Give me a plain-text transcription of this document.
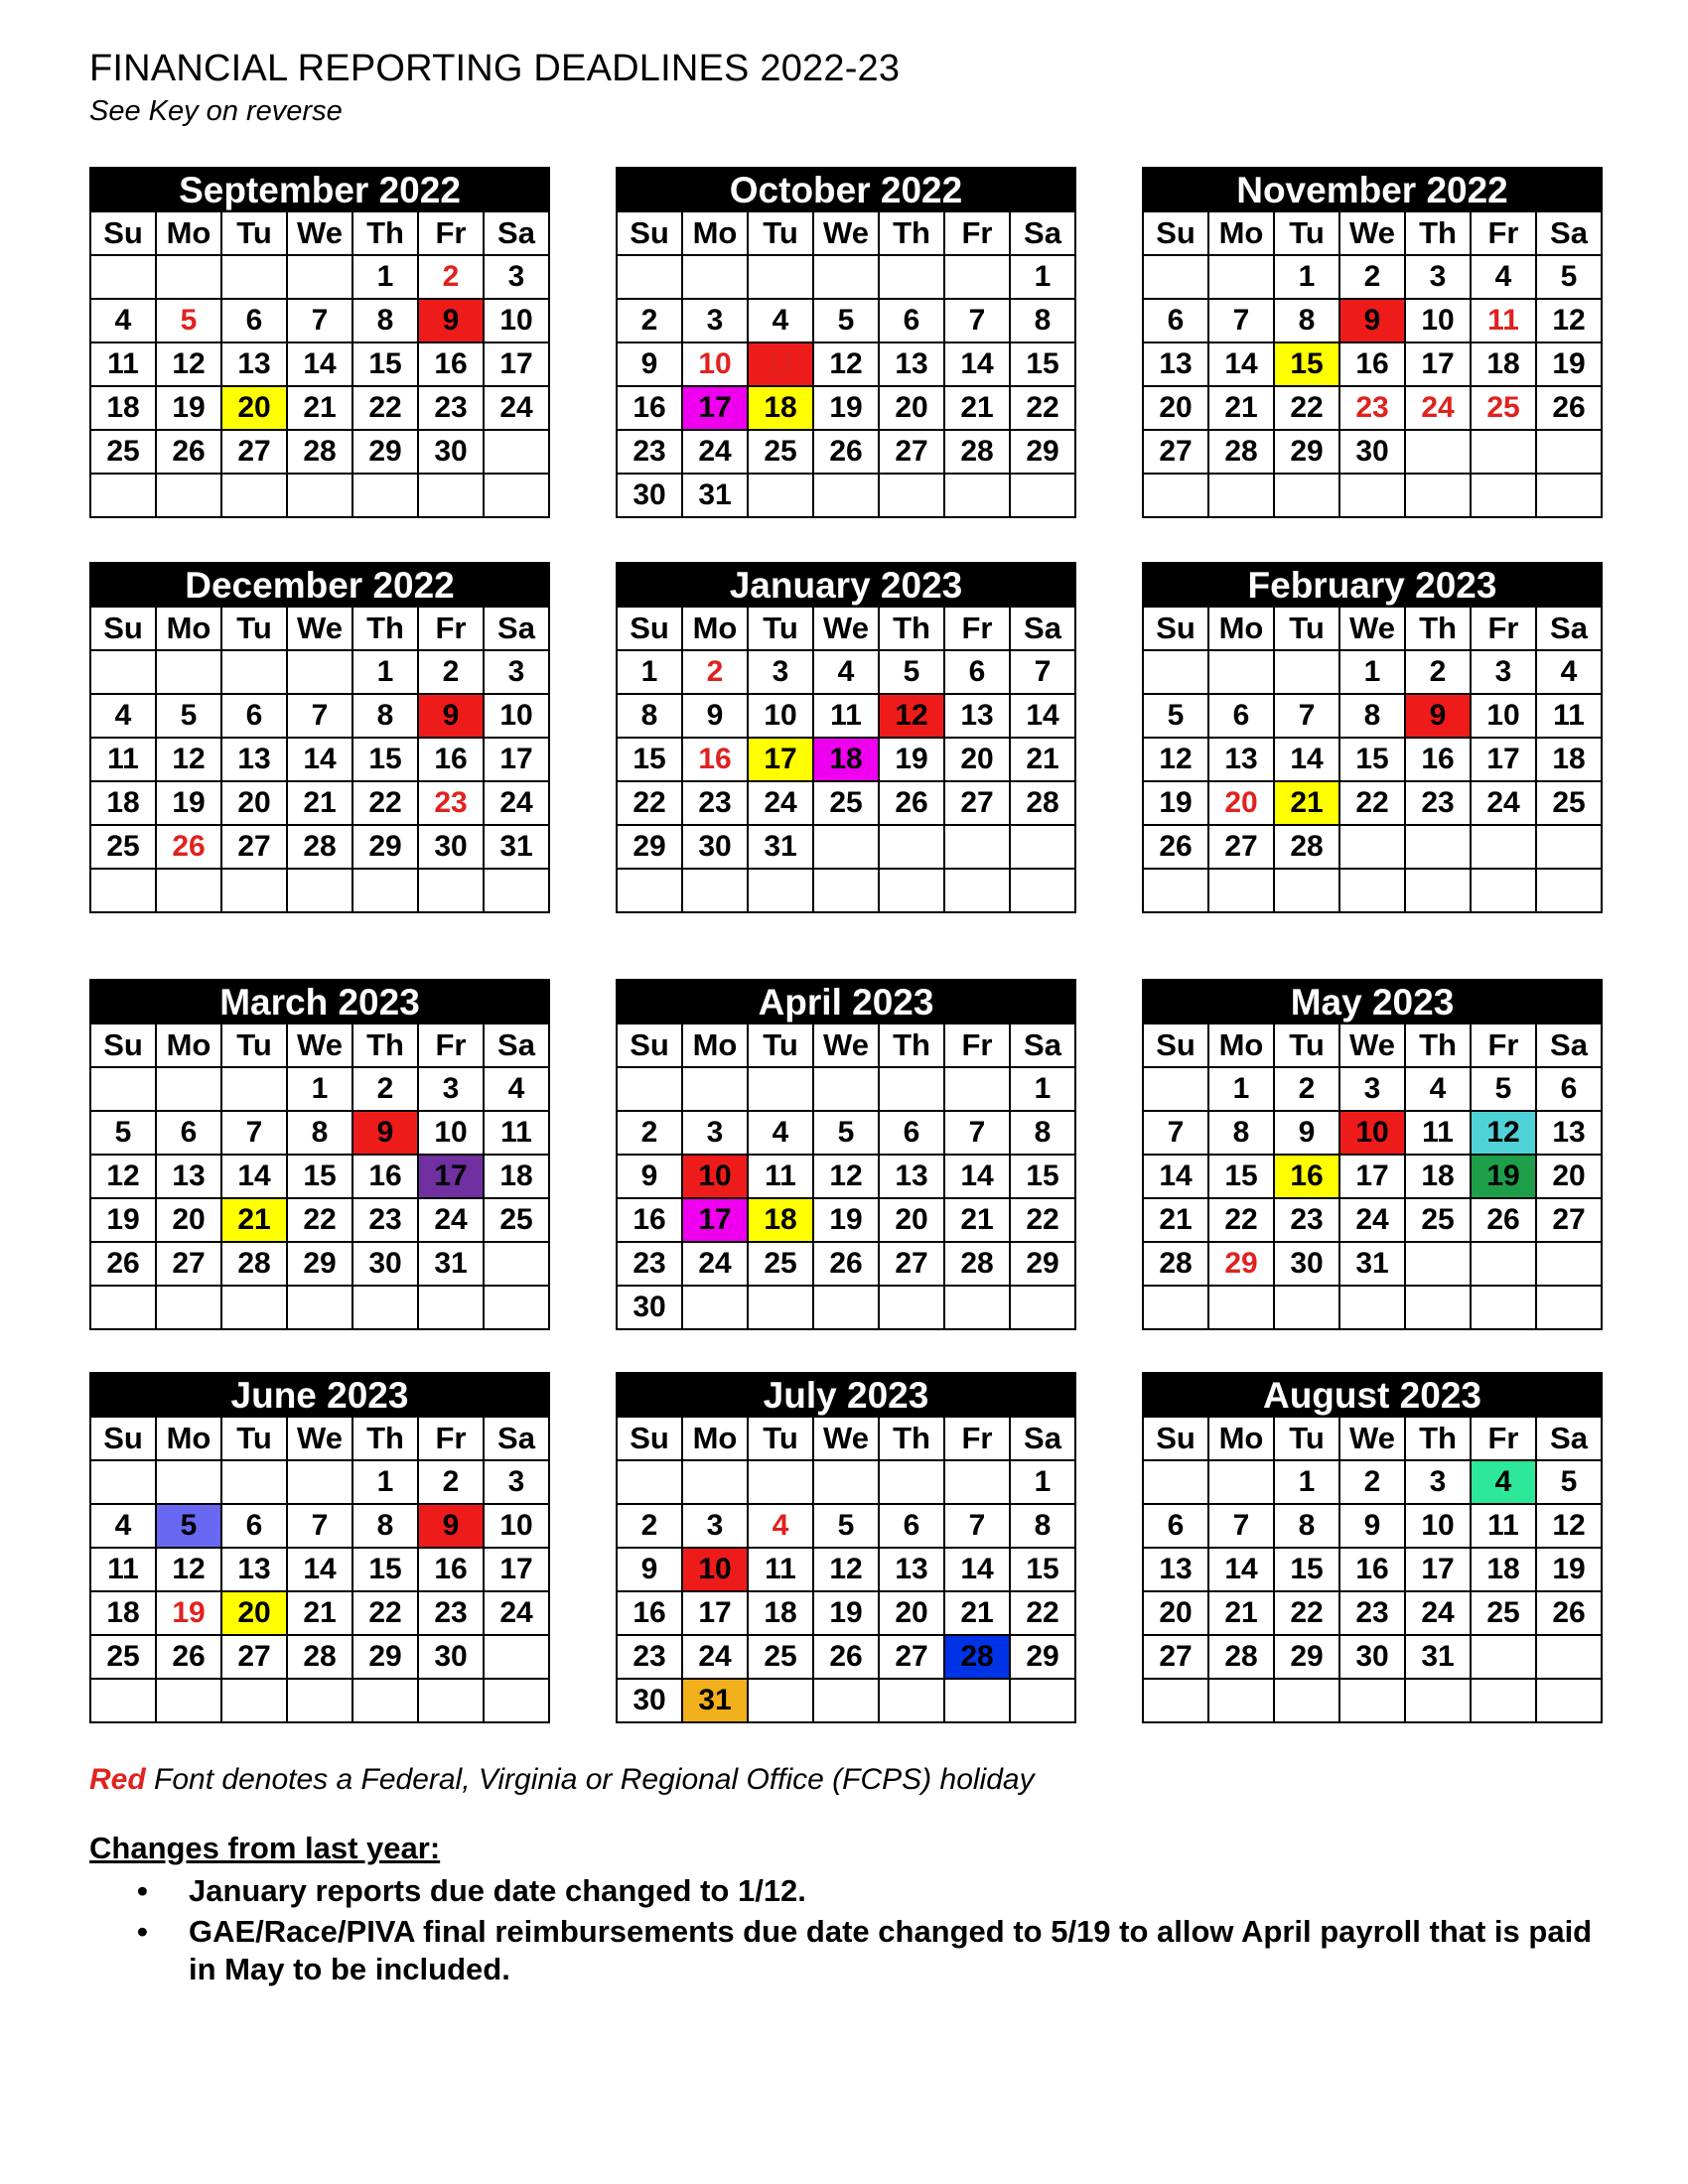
FINANCIAL REPORTING DEADLINES 2022-23
See Key on reverse
September 2022
Su	Mo	Tu	We	Th	Fr	Sa
				1	2	3
4	5	6	7	8	9	10
11	12	13	14	15	16	17
18	19	20	21	22	23	24
25	26	27	28	29	30	

October 2022
Su	Mo	Tu	We	Th	Fr	Sa
						1
2	3	4	5	6	7	8
9	10	11	12	13	14	15
16	17	18	19	20	21	22
23	24	25	26	27	28	29
30	31					
November 2022
Su	Mo	Tu	We	Th	Fr	Sa
		1	2	3	4	5
6	7	8	9	10	11	12
13	14	15	16	17	18	19
20	21	22	23	24	25	26
27	28	29	30			

December 2022
Su	Mo	Tu	We	Th	Fr	Sa
				1	2	3
4	5	6	7	8	9	10
11	12	13	14	15	16	17
18	19	20	21	22	23	24
25	26	27	28	29	30	31

January 2023
Su	Mo	Tu	We	Th	Fr	Sa
1	2	3	4	5	6	7
8	9	10	11	12	13	14
15	16	17	18	19	20	21
22	23	24	25	26	27	28
29	30	31				

February 2023
Su	Mo	Tu	We	Th	Fr	Sa
			1	2	3	4
5	6	7	8	9	10	11
12	13	14	15	16	17	18
19	20	21	22	23	24	25
26	27	28				

March 2023
Su	Mo	Tu	We	Th	Fr	Sa
			1	2	3	4
5	6	7	8	9	10	11
12	13	14	15	16	17	18
19	20	21	22	23	24	25
26	27	28	29	30	31	

April 2023
Su	Mo	Tu	We	Th	Fr	Sa
						1
2	3	4	5	6	7	8
9	10	11	12	13	14	15
16	17	18	19	20	21	22
23	24	25	26	27	28	29
30						
May 2023
Su	Mo	Tu	We	Th	Fr	Sa
	1	2	3	4	5	6
7	8	9	10	11	12	13
14	15	16	17	18	19	20
21	22	23	24	25	26	27
28	29	30	31			

June 2023
Su	Mo	Tu	We	Th	Fr	Sa
				1	2	3
4	5	6	7	8	9	10
11	12	13	14	15	16	17
18	19	20	21	22	23	24
25	26	27	28	29	30	

July 2023
Su	Mo	Tu	We	Th	Fr	Sa
						1
2	3	4	5	6	7	8
9	10	11	12	13	14	15
16	17	18	19	20	21	22
23	24	25	26	27	28	29
30	31					
August 2023
Su	Mo	Tu	We	Th	Fr	Sa
		1	2	3	4	5
6	7	8	9	10	11	12
13	14	15	16	17	18	19
20	21	22	23	24	25	26
27	28	29	30	31		

Red Font denotes a Federal, Virginia or Regional Office (FCPS) holiday
Changes from last year:
• January reports due date changed to 1/12.
• GAE/Race/PIVA final reimbursements due date changed to 5/19 to allow April payroll that is paid in May to be included.
